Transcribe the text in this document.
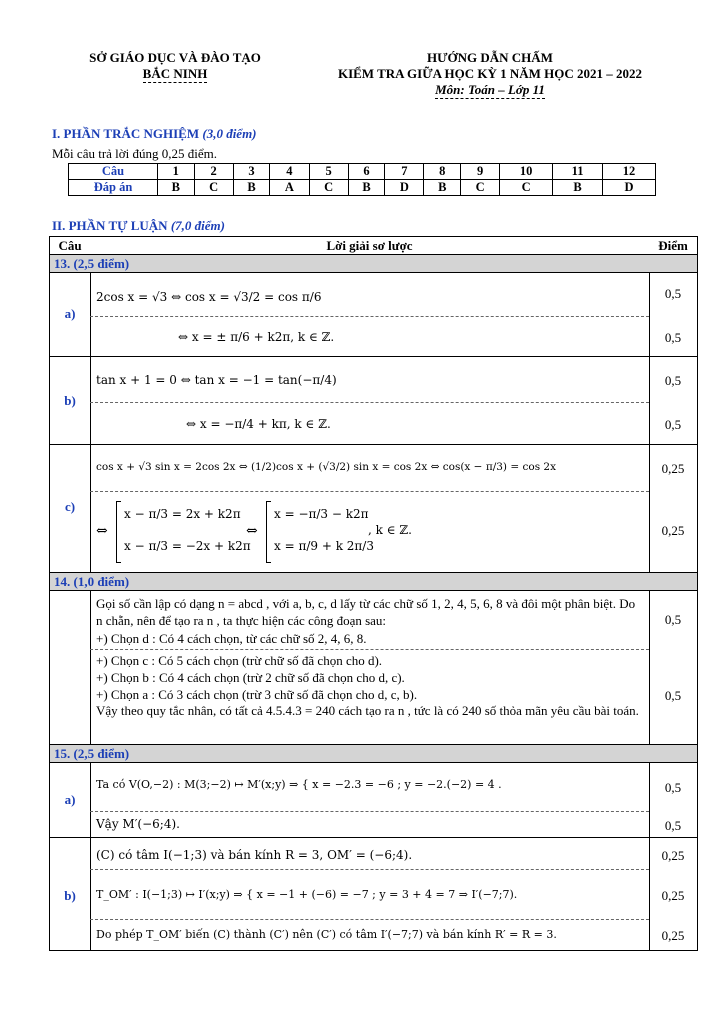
SỞ GIÁO DỤC VÀ ĐÀO TẠO
BẮC NINH
HƯỚNG DẪN CHẤM
KIỂM TRA GIỮA HỌC KỲ 1 NĂM HỌC 2021 – 2022
Môn: Toán – Lớp 11
I. PHẦN TRẮC NGHIỆM (3,0 điểm)
Mỗi câu trả lời đúng 0,25 điểm.
Câu	1	2	3	4	5	6	7	8	9	10	11	12
Đáp án	B	C	B	A	C	B	D	B	C	C	B	D
II. PHẦN TỰ LUẬN (7,0 điểm)
Câu	Lời giải sơ lược	Điểm
13. (2,5 điểm)
a)
2cos x = √3 ⇔ cos x = √3/2 = cos π/6	0,5
⇔ x = ± π/6 + k2π, k ∈ ℤ.	0,5
b)
tan x + 1 = 0 ⇔ tan x = −1 = tan(−π/4)	0,5
⇔ x = −π/4 + kπ, k ∈ ℤ.	0,5
c)
cos x + √3 sin x = 2cos 2x ⇔ (1/2)cos x + (√3/2) sin x = cos 2x ⇔ cos(x − π/3) = cos 2x	0,25
⇔
x − π/3 = 2x + k2π
x − π/3 = −2x + k2π
⇔
x = −π/3 − k2π
x = π/9 + k 2π/3
, k ∈ ℤ.	0,25
14. (1,0 điểm)
Gọi số cần lập có dạng n = abcd , với a, b, c, d lấy từ các chữ số 1, 2, 4, 5, 6, 8 và đôi một phân biệt. Do n chẵn, nên để tạo ra n , ta thực hiện các công đoạn sau:
+) Chọn d : Có 4 cách chọn, từ các chữ số 2, 4, 6, 8.
0,5
+) Chọn c : Có 5 cách chọn (trừ chữ số đã chọn cho d).
+) Chọn b : Có 4 cách chọn (trừ 2 chữ số đã chọn cho d, c).
+) Chọn a : Có 3 cách chọn (trừ 3 chữ số đã chọn cho d, c, b).
Vậy theo quy tắc nhân, có tất cả 4.5.4.3 = 240 cách tạo ra n , tức là có 240 số thỏa mãn yêu cầu bài toán.
0,5
15. (2,5 điểm)
a)
Ta có V(O,−2) : M(3;−2) ↦ M′(x;y) ⇒ { x = −2.3 = −6 ; y = −2.(−2) = 4 .	0,5
Vậy M′(−6;4).	0,5
b)
(C) có tâm I(−1;3) và bán kính R = 3, OM′ = (−6;4).	0,25
T_OM′ : I(−1;3) ↦ I′(x;y) ⇒ { x = −1 + (−6) = −7 ; y = 3 + 4 = 7 ⇒ I′(−7;7).	0,25
Do phép T_OM′ biến (C) thành (C′) nên (C′) có tâm I′(−7;7) và bán kính R′ = R = 3.	0,25
